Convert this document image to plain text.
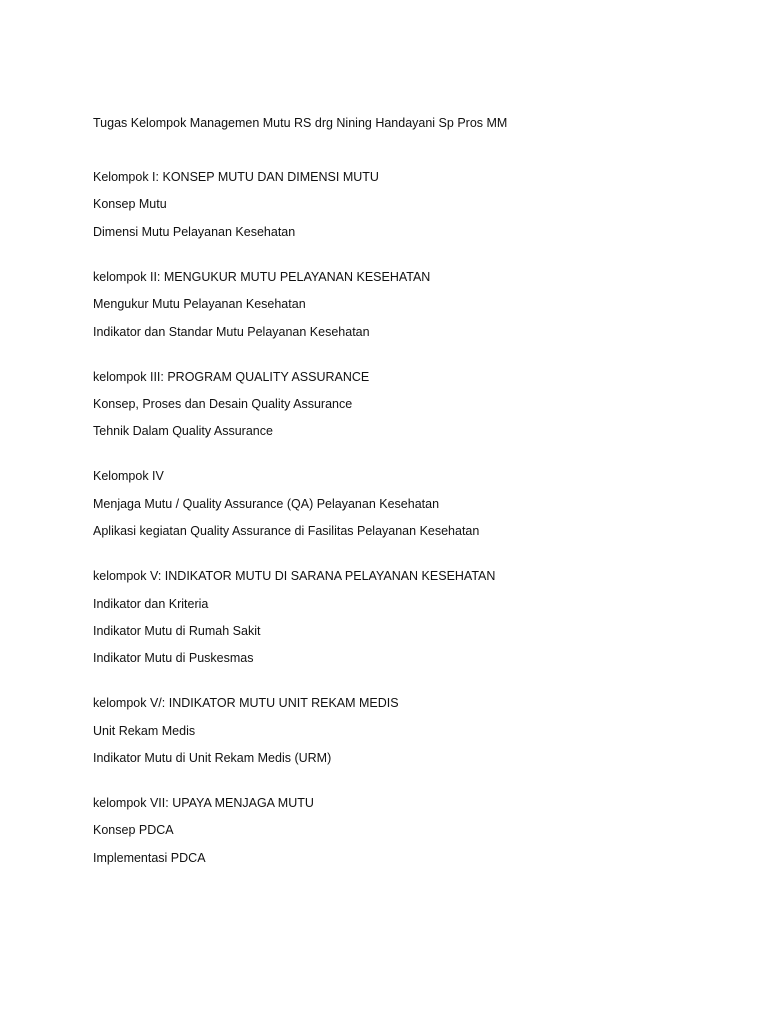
Tugas Kelompok Managemen Mutu RS drg Nining Handayani Sp Pros MM

Kelompok I: KONSEP MUTU DAN DIMENSI MUTU

Konsep Mutu

Dimensi Mutu Pelayanan Kesehatan

kelompok II: MENGUKUR MUTU PELAYANAN KESEHATAN

Mengukur Mutu Pelayanan Kesehatan

Indikator dan Standar Mutu Pelayanan Kesehatan

kelompok III: PROGRAM QUALITY ASSURANCE

Konsep, Proses dan Desain Quality Assurance

Tehnik Dalam Quality Assurance

Kelompok IV

Menjaga Mutu / Quality Assurance (QA) Pelayanan Kesehatan

Aplikasi kegiatan Quality Assurance di Fasilitas Pelayanan Kesehatan

kelompok V: INDIKATOR MUTU DI SARANA PELAYANAN KESEHATAN

Indikator dan Kriteria

Indikator Mutu di Rumah Sakit

Indikator Mutu di Puskesmas

kelompok V/: INDIKATOR MUTU UNIT REKAM MEDIS

Unit Rekam Medis

Indikator Mutu di Unit Rekam Medis (URM)

kelompok VII: UPAYA MENJAGA MUTU

Konsep PDCA

Implementasi PDCA
